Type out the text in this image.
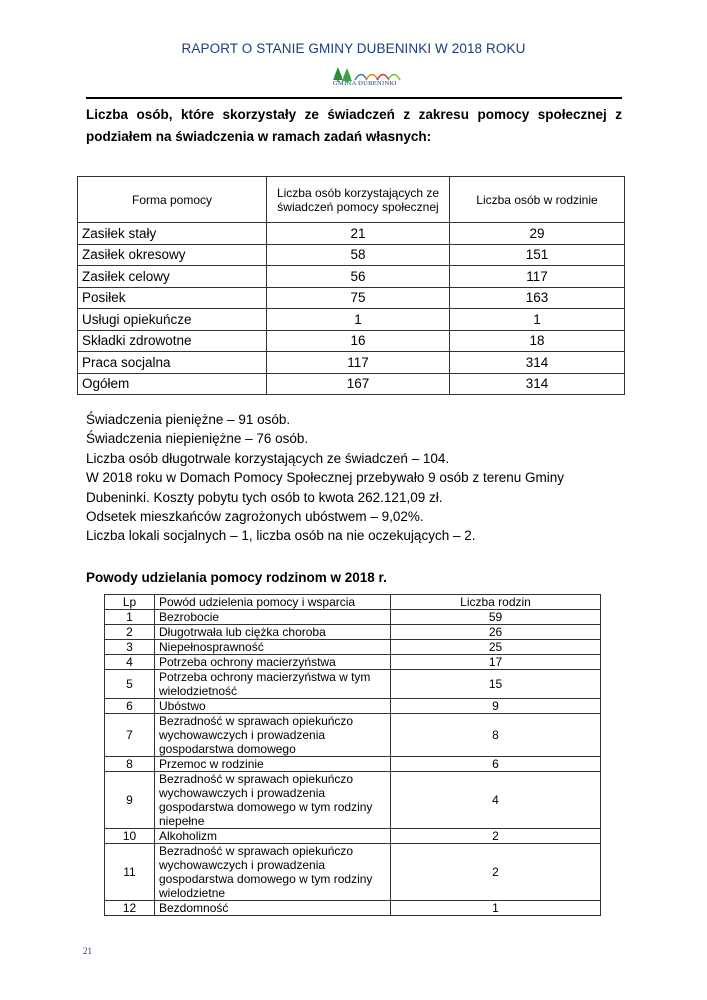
RAPORT O STANIE GMINY DUBENINKI W 2018 ROKU
GMINA DUBENINKI
Liczba osób, które skorzystały ze świadczeń z zakresu pomocy społecznej z podziałem na świadczenia w ramach zadań własnych:
Forma pomocy	Liczba osób korzystających ze świadczeń pomocy społecznej	Liczba osób w rodzinie
Zasiłek stały	21	29
Zasiłek okresowy	58	151
Zasiłek celowy	56	117
Posiłek	75	163
Usługi opiekuńcze	1	1
Składki zdrowotne	16	18
Praca socjalna	117	314
Ogółem	167	314
Świadczenia pieniężne – 91 osób.
Świadczenia niepieniężne – 76 osób.
Liczba osób długotrwale korzystających ze świadczeń – 104.
W 2018 roku w Domach Pomocy Społecznej przebywało 9 osób z terenu Gminy
Dubeninki. Koszty pobytu tych osób to kwota 262.121,09 zł.
Odsetek mieszkańców zagrożonych ubóstwem – 9,02%.
Liczba lokali socjalnych – 1, liczba osób na nie oczekujących – 2.
Powody udzielania pomocy rodzinom w 2018 r.
Lp	Powód udzielenia pomocy i wsparcia	Liczba rodzin
1	Bezrobocie	59
2	Długotrwała lub ciężka choroba	26
3	Niepełnosprawność	25
4	Potrzeba ochrony macierzyństwa	17
5	Potrzeba ochrony macierzyństwa w tym
wielodzietność	15
6	Ubóstwo	9
7	Bezradność w sprawach opiekuńczo
wychowawczych i prowadzenia
gospodarstwa domowego	8
8	Przemoc w rodzinie	6
9	Bezradność w sprawach opiekuńczo
wychowawczych i prowadzenia
gospodarstwa domowego w tym rodziny
niepełne	4
10	Alkoholizm	2
11	Bezradność w sprawach opiekuńczo
wychowawczych i prowadzenia
gospodarstwa domowego w tym rodziny
wielodzietne	2
12	Bezdomność	1
21
